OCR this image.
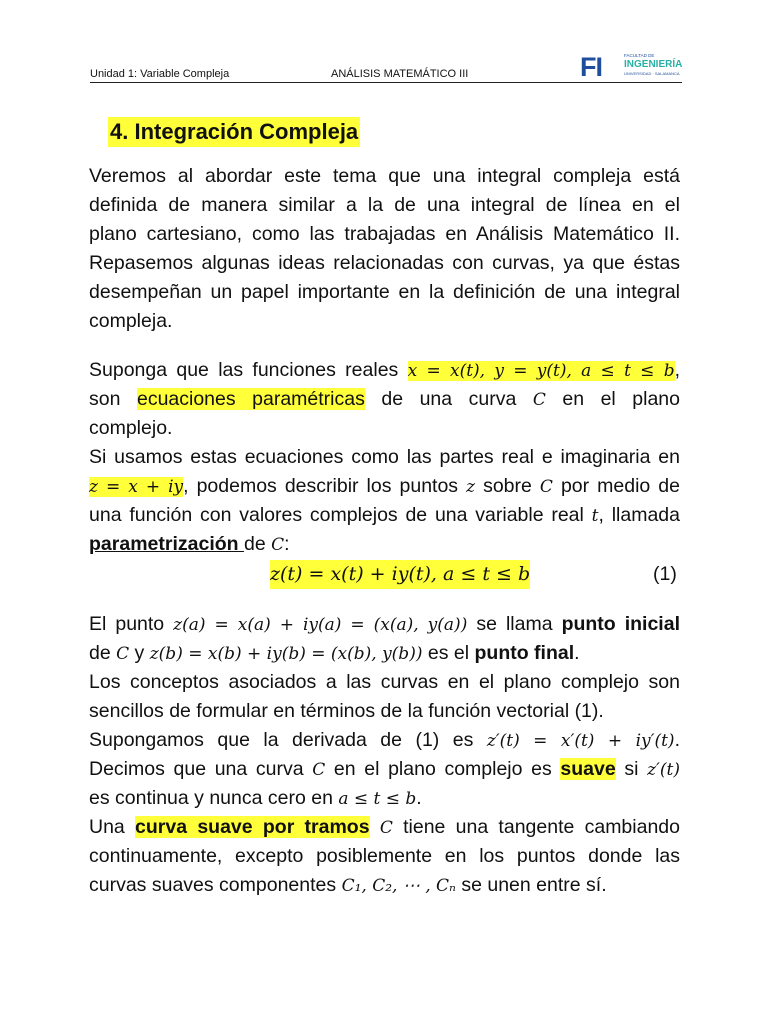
Unidad 1: Variable Compleja	ANÁLISIS MATEMÁTICO III	FI	FACULTAD DE
INGENIERÍA
UNIVERSIDAD · SALAMANCA
4. Integración Compleja
Veremos al abordar este tema que una integral compleja está
definida de manera similar a la de una integral de línea en el
plano cartesiano, como las trabajadas en Análisis Matemático II.
Repasemos algunas ideas relacionadas con curvas, ya que éstas
desempeñan un papel importante en la definición de una integral
compleja.
Suponga que las funciones reales x = x(t), y = y(t), a ≤ t ≤ b,
son ecuaciones paramétricas de una curva C en el plano
complejo.
Si usamos estas ecuaciones como las partes real e imaginaria en
z = x + iy, podemos describir los puntos z sobre C por medio de
una función con valores complejos de una variable real t, llamada
parametrización de C:
z(t) = x(t) + iy(t), a ≤ t ≤ b	(1)
El punto z(a) = x(a) + iy(a) = (x(a), y(a)) se llama punto inicial
de C y z(b) = x(b) + iy(b) = (x(b), y(b)) es el punto final.
Los conceptos asociados a las curvas en el plano complejo son
sencillos de formular en términos de la función vectorial (1).
Supongamos que la derivada de (1) es z′(t) = x′(t) + iy′(t).
Decimos que una curva C en el plano complejo es suave si z′(t)
es continua y nunca cero en a ≤ t ≤ b.
Una curva suave por tramos C tiene una tangente cambiando
continuamente, excepto posiblemente en los puntos donde las
curvas suaves componentes C₁, C₂, ⋯ , Cₙ se unen entre sí.
